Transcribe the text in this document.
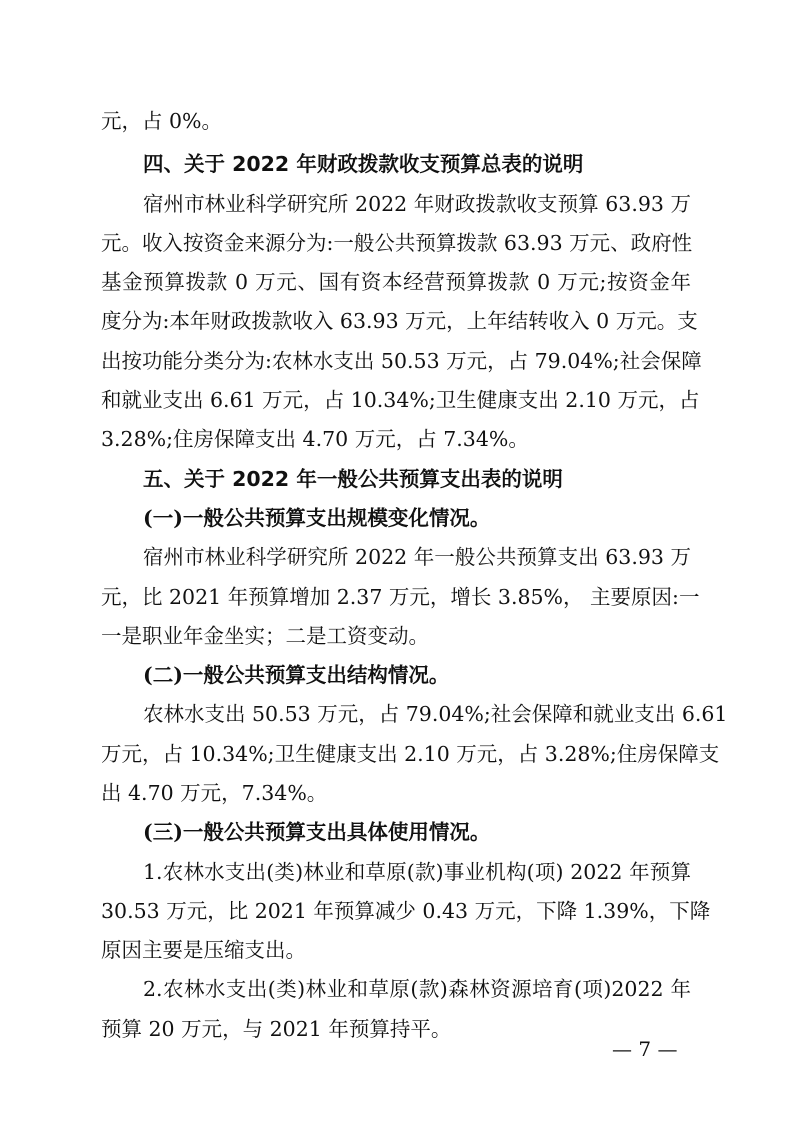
元，占 0%。
四、关于 2022 年财政拨款收支预算总表的说明
宿州市林业科学研究所 2022 年财政拨款收支预算 63.93 万
元。收入按资金来源分为:一般公共预算拨款 63.93 万元、政府性
基金预算拨款 0 万元、国有资本经营预算拨款 0 万元;按资金年
度分为:本年财政拨款收入 63.93 万元，上年结转收入 0 万元。支
出按功能分类分为:农林水支出 50.53 万元，占 79.04%;社会保障
和就业支出 6.61 万元，占 10.34%;卫生健康支出 2.10 万元，占
3.28%;住房保障支出 4.70 万元，占 7.34%。
五、关于 2022 年一般公共预算支出表的说明
(一)一般公共预算支出规模变化情况。
宿州市林业科学研究所 2022 年一般公共预算支出 63.93 万
元，比 2021 年预算增加 2.37 万元，增长 3.85%， 主要原因:一
一是职业年金坐实；二是工资变动。
(二)一般公共预算支出结构情况。
农林水支出 50.53 万元，占 79.04%;社会保障和就业支出 6.61
万元，占 10.34%;卫生健康支出 2.10 万元，占 3.28%;住房保障支
出 4.70 万元，7.34%。
(三)一般公共预算支出具体使用情况。
1.农林水支出(类)林业和草原(款)事业机构(项) 2022 年预算
30.53 万元，比 2021 年预算减少 0.43 万元，下降 1.39%，下降
原因主要是压缩支出。
2.农林水支出(类)林业和草原(款)森林资源培育(项)2022 年
预算 20 万元，与 2021 年预算持平。
— 7 —
